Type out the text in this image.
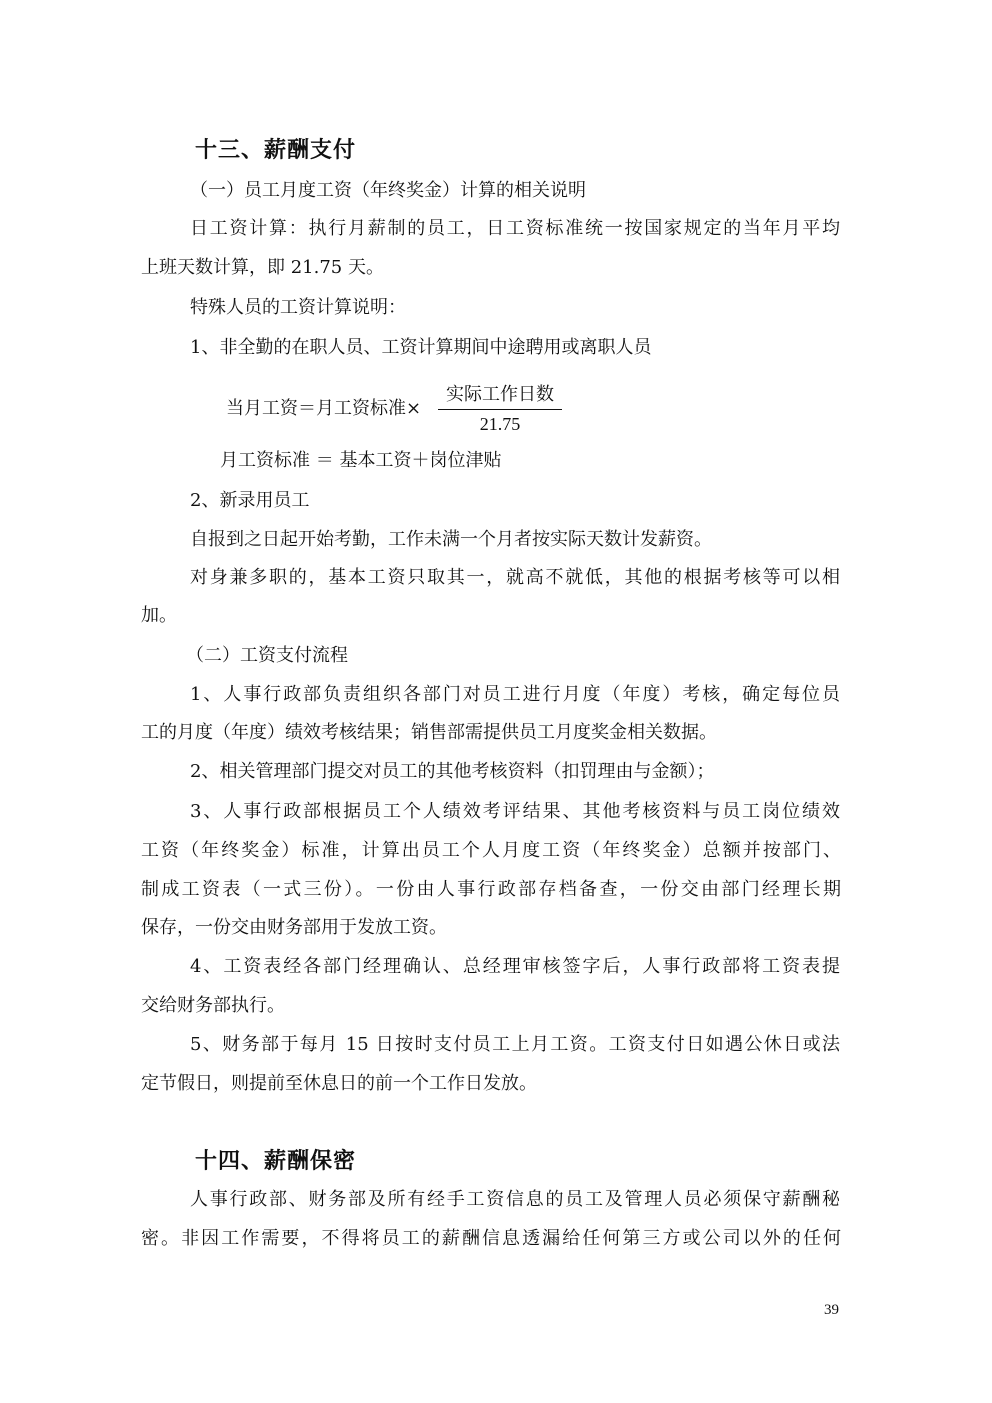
十三、薪酬支付
（一）员工月度工资（年终奖金）计算的相关说明
日工资计算：执行月薪制的员工，日工资标准统一按国家规定的当年月平均
上班天数计算，即 21.75 天。
特殊人员的工资计算说明：
1、非全勤的在职人员、工资计算期间中途聘用或离职人员
当月工资＝月工资标准×
实际工作日数
21.75
月工资标准 ＝ 基本工资＋岗位津贴
2、新录用员工
自报到之日起开始考勤，工作未满一个月者按实际天数计发薪资。
对身兼多职的，基本工资只取其一，就高不就低，其他的根据考核等可以相
加。
（二）工资支付流程
1、人事行政部负责组织各部门对员工进行月度（年度）考核，确定每位员
工的月度（年度）绩效考核结果；销售部需提供员工月度奖金相关数据。
2、相关管理部门提交对员工的其他考核资料（扣罚理由与金额）；
3、人事行政部根据员工个人绩效考评结果、其他考核资料与员工岗位绩效
工资（年终奖金）标准，计算出员工个人月度工资（年终奖金）总额并按部门、
制成工资表（一式三份）。一份由人事行政部存档备查，一份交由部门经理长期
保存，一份交由财务部用于发放工资。
4、工资表经各部门经理确认、总经理审核签字后，人事行政部将工资表提
交给财务部执行。
5、财务部于每月 15 日按时支付员工上月工资。工资支付日如遇公休日或法
定节假日，则提前至休息日的前一个工作日发放。
十四、薪酬保密
人事行政部、财务部及所有经手工资信息的员工及管理人员必须保守薪酬秘
密。非因工作需要，不得将员工的薪酬信息透漏给任何第三方或公司以外的任何
39
